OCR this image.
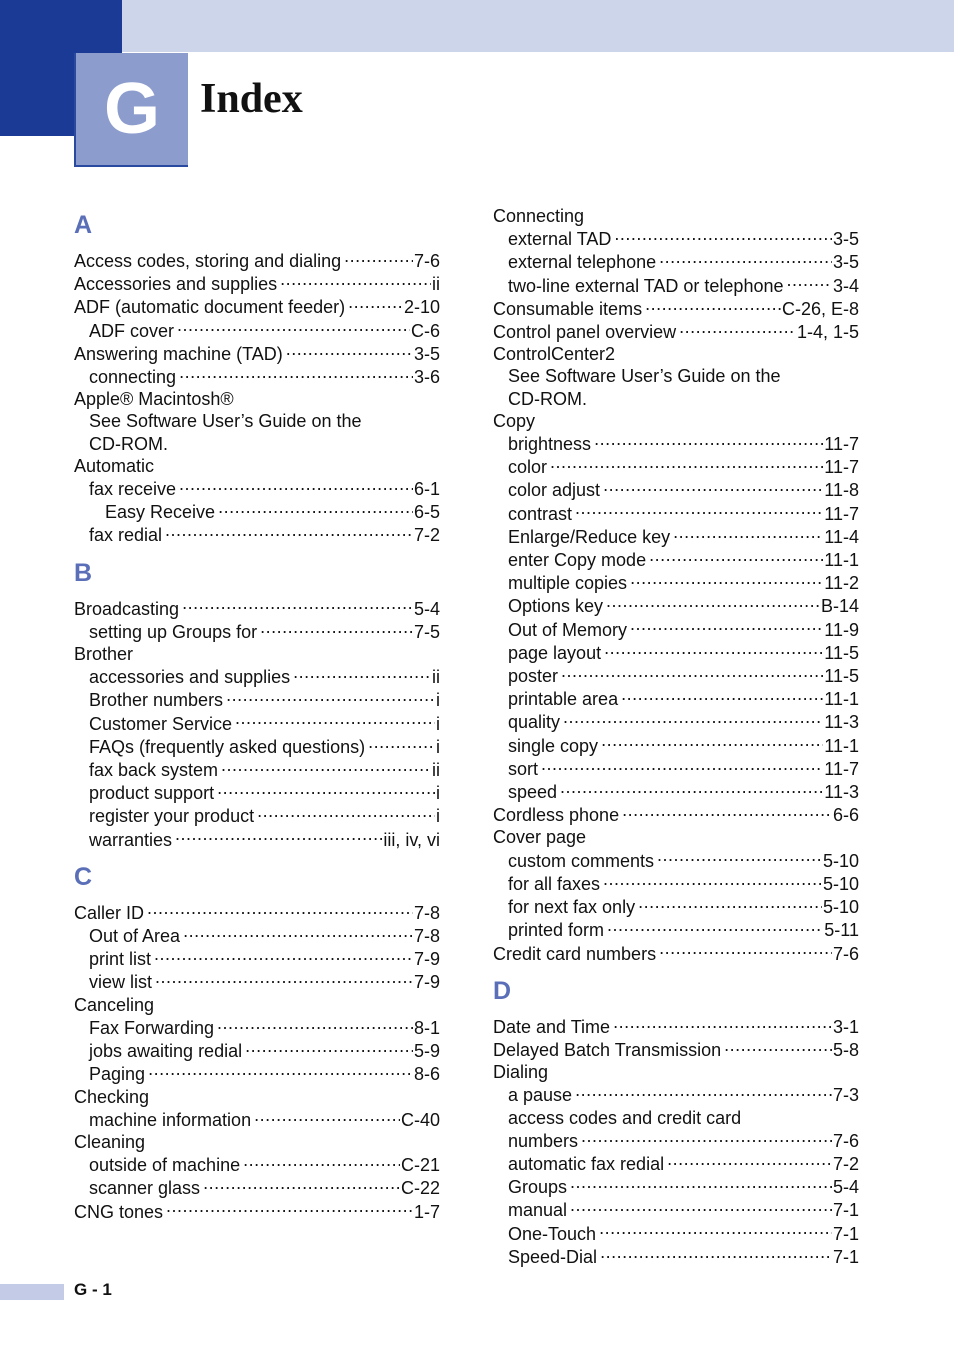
G Index
A
Access codes, storing and dialing .....	7-6
Accessories and supplies .....	ii
ADF (automatic document feeder) .....	2-10
ADF cover .....	C-6
Answering machine (TAD) .....	3-5
connecting .....	3-6
Apple® Macintosh®
See Software User’s Guide on the
CD-ROM.
Automatic
fax receive .....	6-1
Easy Receive .....	6-5
fax redial .....	7-2
B
Broadcasting .....	5-4
setting up Groups for .....	7-5
Brother
accessories and supplies .....	ii
Brother numbers .....	i
Customer Service .....	i
FAQs (frequently asked questions) .....	i
fax back system .....	ii
product support .....	i
register your product .....	i
warranties .....	iii, iv, vi
C
Caller ID .....	7-8
Out of Area .....	7-8
print list .....	7-9
view list .....	7-9
Canceling
Fax Forwarding .....	8-1
jobs awaiting redial .....	5-9
Paging .....	8-6
Checking
machine information .....	C-40
Cleaning
outside of machine .....	C-21
scanner glass .....	C-22
CNG tones .....	1-7
Connecting
external TAD .....	3-5
external telephone .....	3-5
two-line external TAD or telephone .....	3-4
Consumable items .....	C-26, E-8
Control panel overview .....	1-4, 1-5
ControlCenter2
See Software User’s Guide on the
CD-ROM.
Copy
brightness .....	11-7
color .....	11-7
color adjust .....	11-8
contrast .....	11-7
Enlarge/Reduce key .....	11-4
enter Copy mode .....	11-1
multiple copies .....	11-2
Options key .....	B-14
Out of Memory .....	11-9
page layout .....	11-5
poster .....	11-5
printable area .....	11-1
quality .....	11-3
single copy .....	11-1
sort .....	11-7
speed .....	11-3
Cordless phone .....	6-6
Cover page
custom comments .....	5-10
for all faxes .....	5-10
for next fax only .....	5-10
printed form .....	5-11
Credit card numbers .....	7-6
D
Date and Time .....	3-1
Delayed Batch Transmission .....	5-8
Dialing
a pause .....	7-3
access codes and credit card
numbers .....	7-6
automatic fax redial .....	7-2
Groups .....	5-4
manual .....	7-1
One-Touch .....	7-1
Speed-Dial .....	7-1
G - 1
